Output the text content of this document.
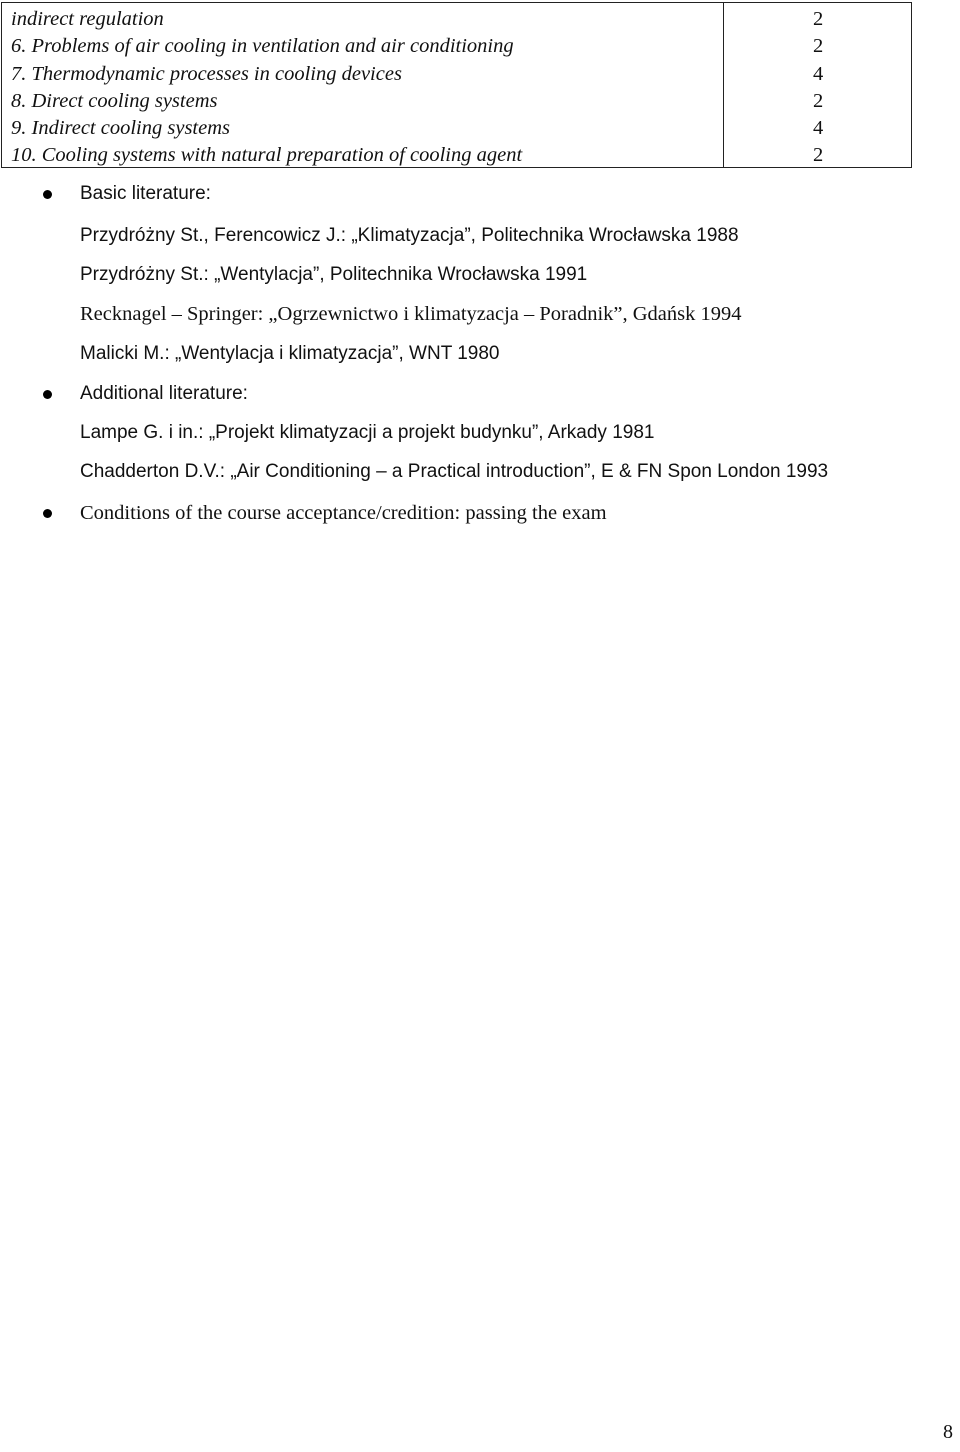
indirect regulation
6. Problems of air cooling in ventilation and air conditioning
7. Thermodynamic processes in cooling devices
8. Direct cooling systems
9. Indirect cooling systems
10. Cooling systems with natural preparation of cooling agent
2
2
4
2
4
2
Basic literature:
Przydróżny St., Ferencowicz J.: „Klimatyzacja”, Politechnika Wrocławska 1988
Przydróżny St.: „Wentylacja”, Politechnika Wrocławska 1991
Recknagel – Springer: „Ogrzewnictwo i klimatyzacja – Poradnik”, Gdańsk 1994
Malicki M.: „Wentylacja i klimatyzacja”, WNT 1980
Additional literature:
Lampe G. i in.: „Projekt klimatyzacji a projekt budynku”, Arkady 1981
Chadderton D.V.: „Air Conditioning – a Practical introduction”, E & FN Spon London 1993
Conditions of the course acceptance/credition: passing the exam
8
